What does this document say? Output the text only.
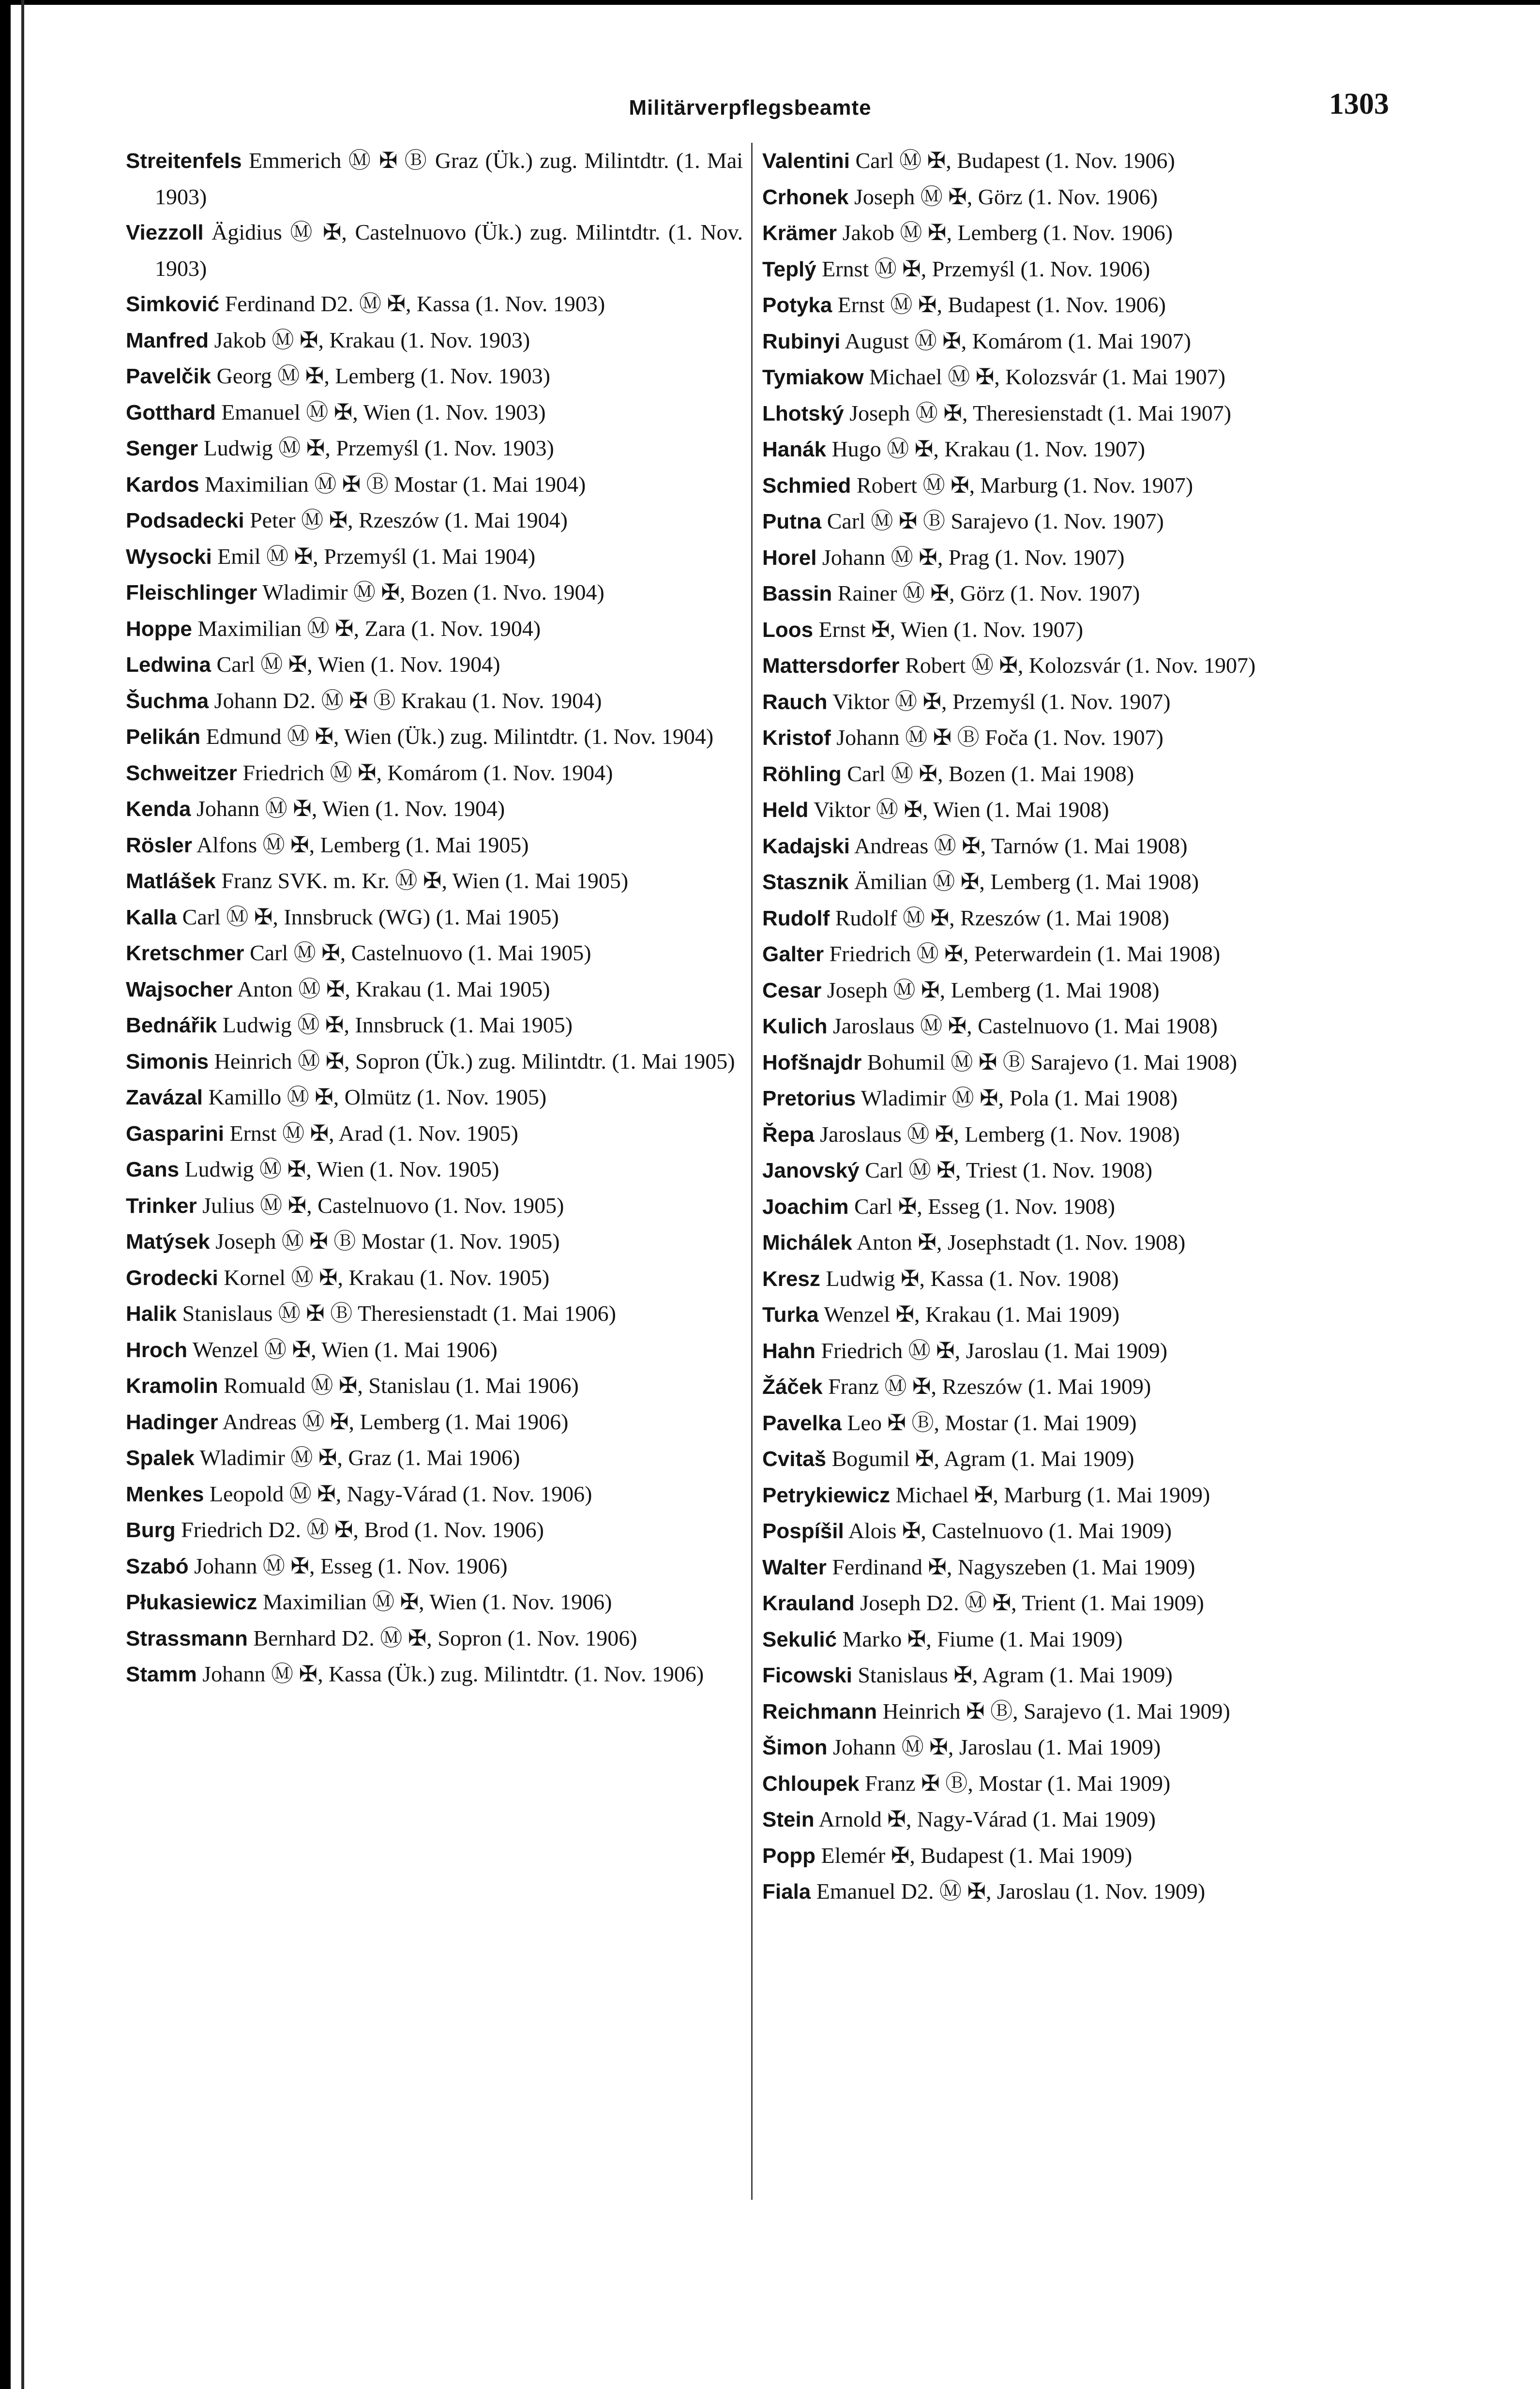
Militärverpflegsbeamte	1303
Streitenfels Emmerich Ⓜ ✠ Ⓑ Graz (Ük.) zug. Milintdtr. (1. Mai 1903)
Viezzoll Ägidius Ⓜ ✠, Castelnuovo (Ük.) zug. Milintdtr. (1. Nov. 1903)
Simković Ferdinand D2. Ⓜ ✠, Kassa (1. Nov. 1903)
Manfred Jakob Ⓜ ✠, Krakau (1. Nov. 1903)
Pavelčik Georg Ⓜ ✠, Lemberg (1. Nov. 1903)
Gotthard Emanuel Ⓜ ✠, Wien (1. Nov. 1903)
Senger Ludwig Ⓜ ✠, Przemyśl (1. Nov. 1903)
Kardos Maximilian Ⓜ ✠ Ⓑ Mostar (1. Mai 1904)
Podsadecki Peter Ⓜ ✠, Rzeszów (1. Mai 1904)
Wysocki Emil Ⓜ ✠, Przemyśl (1. Mai 1904)
Fleischlinger Wladimir Ⓜ ✠, Bozen (1. Nvo. 1904)
Hoppe Maximilian Ⓜ ✠, Zara (1. Nov. 1904)
Ledwina Carl Ⓜ ✠, Wien (1. Nov. 1904)
Šuchma Johann D2. Ⓜ ✠ Ⓑ Krakau (1. Nov. 1904)
Pelikán Edmund Ⓜ ✠, Wien (Ük.) zug. Milintdtr. (1. Nov. 1904)
Schweitzer Friedrich Ⓜ ✠, Komárom (1. Nov. 1904)
Kenda Johann Ⓜ ✠, Wien (1. Nov. 1904)
Rösler Alfons Ⓜ ✠, Lemberg (1. Mai 1905)
Matlášek Franz SVK. m. Kr. Ⓜ ✠, Wien (1. Mai 1905)
Kalla Carl Ⓜ ✠, Innsbruck (WG) (1. Mai 1905)
Kretschmer Carl Ⓜ ✠, Castelnuovo (1. Mai 1905)
Wajsocher Anton Ⓜ ✠, Krakau (1. Mai 1905)
Bednářik Ludwig Ⓜ ✠, Innsbruck (1. Mai 1905)
Simonis Heinrich Ⓜ ✠, Sopron (Ük.) zug. Milintdtr. (1. Mai 1905)
Zavázal Kamillo Ⓜ ✠, Olmütz (1. Nov. 1905)
Gasparini Ernst Ⓜ ✠, Arad (1. Nov. 1905)
Gans Ludwig Ⓜ ✠, Wien (1. Nov. 1905)
Trinker Julius Ⓜ ✠, Castelnuovo (1. Nov. 1905)
Matýsek Joseph Ⓜ ✠ Ⓑ Mostar (1. Nov. 1905)
Grodecki Kornel Ⓜ ✠, Krakau (1. Nov. 1905)
Halik Stanislaus Ⓜ ✠ Ⓑ Theresienstadt (1. Mai 1906)
Hroch Wenzel Ⓜ ✠, Wien (1. Mai 1906)
Kramolin Romuald Ⓜ ✠, Stanislau (1. Mai 1906)
Hadinger Andreas Ⓜ ✠, Lemberg (1. Mai 1906)
Spalek Wladimir Ⓜ ✠, Graz (1. Mai 1906)
Menkes Leopold Ⓜ ✠, Nagy-Várad (1. Nov. 1906)
Burg Friedrich D2. Ⓜ ✠, Brod (1. Nov. 1906)
Szabó Johann Ⓜ ✠, Esseg (1. Nov. 1906)
Płukasiewicz Maximilian Ⓜ ✠, Wien (1. Nov. 1906)
Strassmann Bernhard D2. Ⓜ ✠, Sopron (1. Nov. 1906)
Stamm Johann Ⓜ ✠, Kassa (Ük.) zug. Milintdtr. (1. Nov. 1906)
Valentini Carl Ⓜ ✠, Budapest (1. Nov. 1906)
Crhonek Joseph Ⓜ ✠, Görz (1. Nov. 1906)
Krämer Jakob Ⓜ ✠, Lemberg (1. Nov. 1906)
Teplý Ernst Ⓜ ✠, Przemyśl (1. Nov. 1906)
Potyka Ernst Ⓜ ✠, Budapest (1. Nov. 1906)
Rubinyi August Ⓜ ✠, Komárom (1. Mai 1907)
Tymiakow Michael Ⓜ ✠, Kolozsvár (1. Mai 1907)
Lhotský Joseph Ⓜ ✠, Theresienstadt (1. Mai 1907)
Hanák Hugo Ⓜ ✠, Krakau (1. Nov. 1907)
Schmied Robert Ⓜ ✠, Marburg (1. Nov. 1907)
Putna Carl Ⓜ ✠ Ⓑ Sarajevo (1. Nov. 1907)
Horel Johann Ⓜ ✠, Prag (1. Nov. 1907)
Bassin Rainer Ⓜ ✠, Görz (1. Nov. 1907)
Loos Ernst ✠, Wien (1. Nov. 1907)
Mattersdorfer Robert Ⓜ ✠, Kolozsvár (1. Nov. 1907)
Rauch Viktor Ⓜ ✠, Przemyśl (1. Nov. 1907)
Kristof Johann Ⓜ ✠ Ⓑ Foča (1. Nov. 1907)
Röhling Carl Ⓜ ✠, Bozen (1. Mai 1908)
Held Viktor Ⓜ ✠, Wien (1. Mai 1908)
Kadajski Andreas Ⓜ ✠, Tarnów (1. Mai 1908)
Stasznik Ämilian Ⓜ ✠, Lemberg (1. Mai 1908)
Rudolf Rudolf Ⓜ ✠, Rzeszów (1. Mai 1908)
Galter Friedrich Ⓜ ✠, Peterwardein (1. Mai 1908)
Cesar Joseph Ⓜ ✠, Lemberg (1. Mai 1908)
Kulich Jaroslaus Ⓜ ✠, Castelnuovo (1. Mai 1908)
Hofšnajdr Bohumil Ⓜ ✠ Ⓑ Sarajevo (1. Mai 1908)
Pretorius Wladimir Ⓜ ✠, Pola (1. Mai 1908)
Řepa Jaroslaus Ⓜ ✠, Lemberg (1. Nov. 1908)
Janovský Carl Ⓜ ✠, Triest (1. Nov. 1908)
Joachim Carl ✠, Esseg (1. Nov. 1908)
Michálek Anton ✠, Josephstadt (1. Nov. 1908)
Kresz Ludwig ✠, Kassa (1. Nov. 1908)
Turka Wenzel ✠, Krakau (1. Mai 1909)
Hahn Friedrich Ⓜ ✠, Jaroslau (1. Mai 1909)
Žáček Franz Ⓜ ✠, Rzeszów (1. Mai 1909)
Pavelka Leo ✠ Ⓑ, Mostar (1. Mai 1909)
Cvitaš Bogumil ✠, Agram (1. Mai 1909)
Petrykiewicz Michael ✠, Marburg (1. Mai 1909)
Pospíšil Alois ✠, Castelnuovo (1. Mai 1909)
Walter Ferdinand ✠, Nagyszeben (1. Mai 1909)
Krauland Joseph D2. Ⓜ ✠, Trient (1. Mai 1909)
Sekulić Marko ✠, Fiume (1. Mai 1909)
Ficowski Stanislaus ✠, Agram (1. Mai 1909)
Reichmann Heinrich ✠ Ⓑ, Sarajevo (1. Mai 1909)
Šimon Johann Ⓜ ✠, Jaroslau (1. Mai 1909)
Chloupek Franz ✠ Ⓑ, Mostar (1. Mai 1909)
Stein Arnold ✠, Nagy-Várad (1. Mai 1909)
Popp Elemér ✠, Budapest (1. Mai 1909)
Fiala Emanuel D2. Ⓜ ✠, Jaroslau (1. Nov. 1909)
